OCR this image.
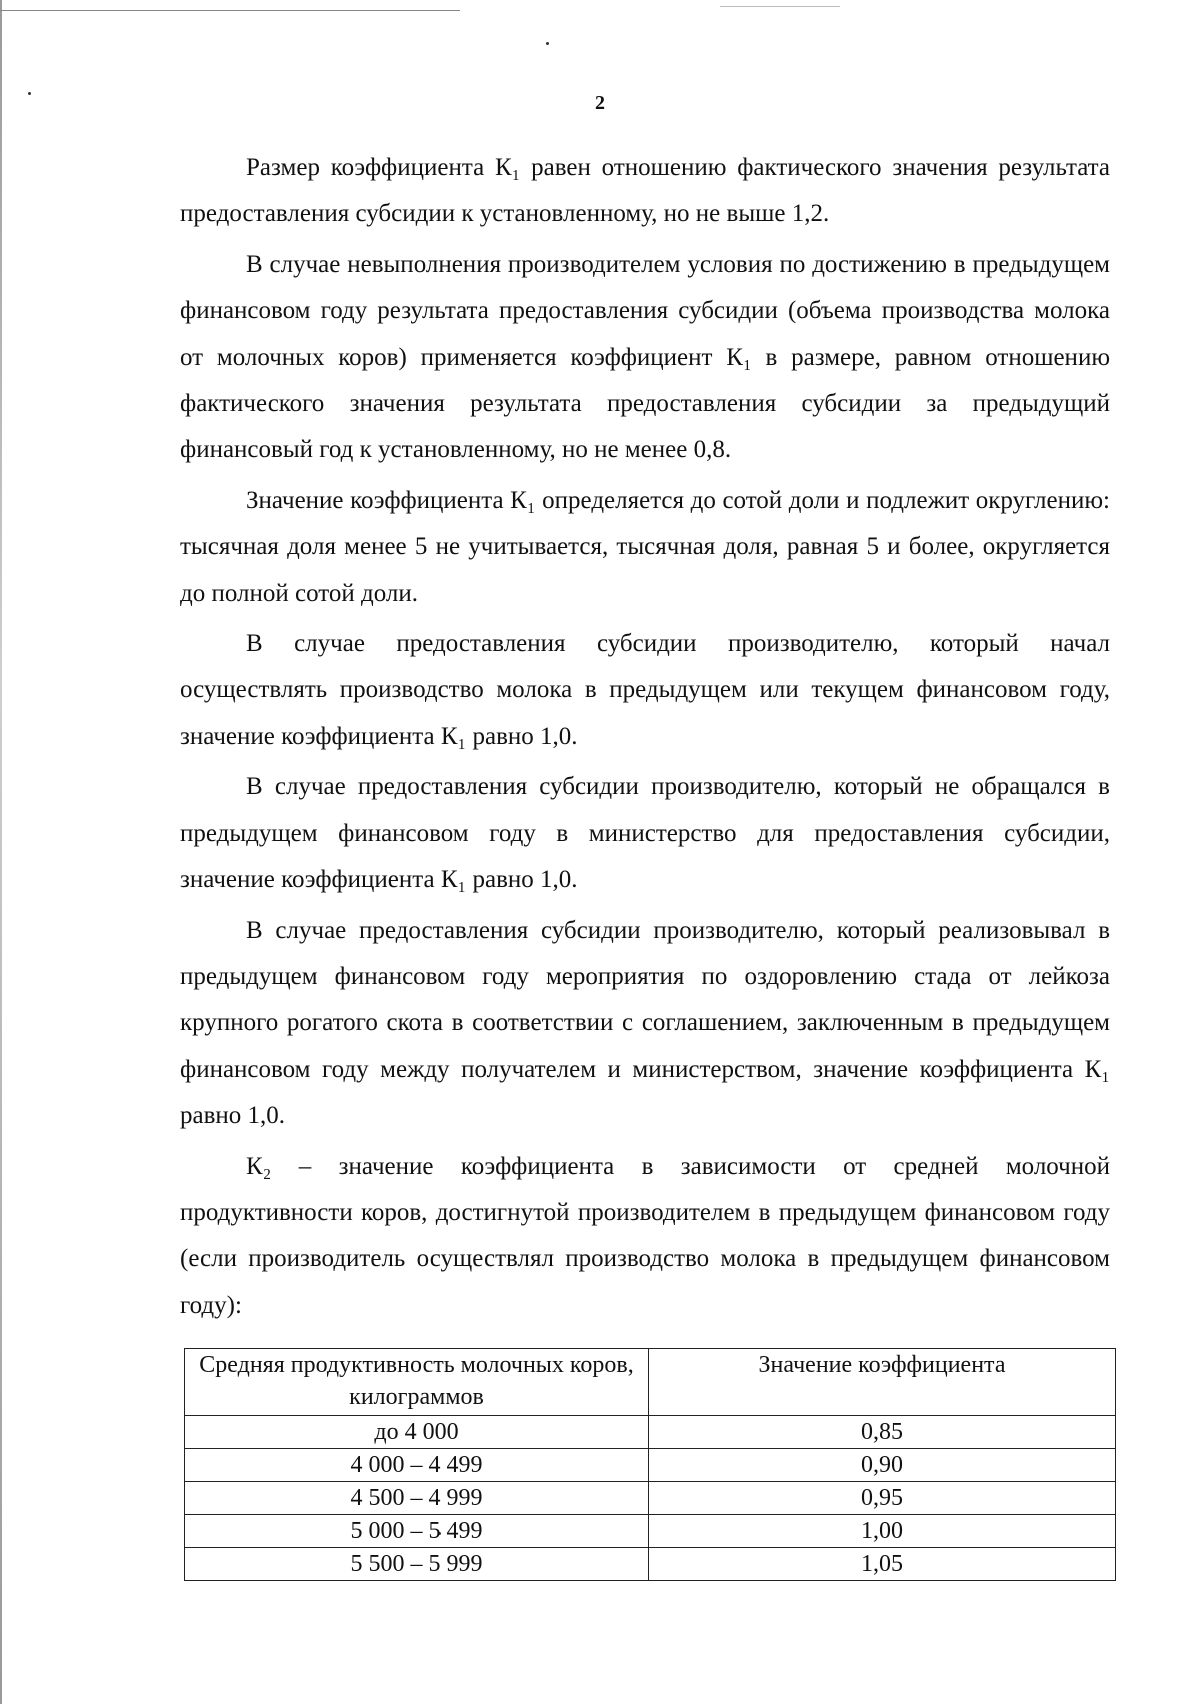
2

Размер коэффициента К₁ равен отношению фактического значения результата предоставления субсидии к установленному, но не выше 1,2.

В случае невыполнения производителем условия по достижению в предыдущем финансовом году результата предоставления субсидии (объема производства молока от молочных коров) применяется коэффициент К₁ в размере, равном отношению фактического значения результата предоставления субсидии за предыдущий финансовый год к установленному, но не менее 0,8.

Значение коэффициента К₁ определяется до сотой доли и подлежит округлению: тысячная доля менее 5 не учитывается, тысячная доля, равная 5 и более, округляется до полной сотой доли.

В случае предоставления субсидии производителю, который начал осуществлять производство молока в предыдущем или текущем финансовом году, значение коэффициента К₁ равно 1,0.

В случае предоставления субсидии производителю, который не обращался в предыдущем финансовом году в министерство для предоставления субсидии, значение коэффициента К₁ равно 1,0.

В случае предоставления субсидии производителю, который реализовывал в предыдущем финансовом году мероприятия по оздоровлению стада от лейкоза крупного рогатого скота в соответствии с соглашением, заключенным в предыдущем финансовом году между получателем и министерством, значение коэффициента К₁ равно 1,0.

К₂ – значение коэффициента в зависимости от средней молочной продуктивности коров, достигнутой производителем в предыдущем финансовом году (если производитель осуществлял производство молока в предыдущем финансовом году):

Средняя продуктивность молочных коров, килограммов	Значение коэффициента
до 4 000	0,85
4 000 – 4 499	0,90
4 500 – 4 999	0,95
5 000 – 5 499	1,00
5 500 – 5 999	1,05
